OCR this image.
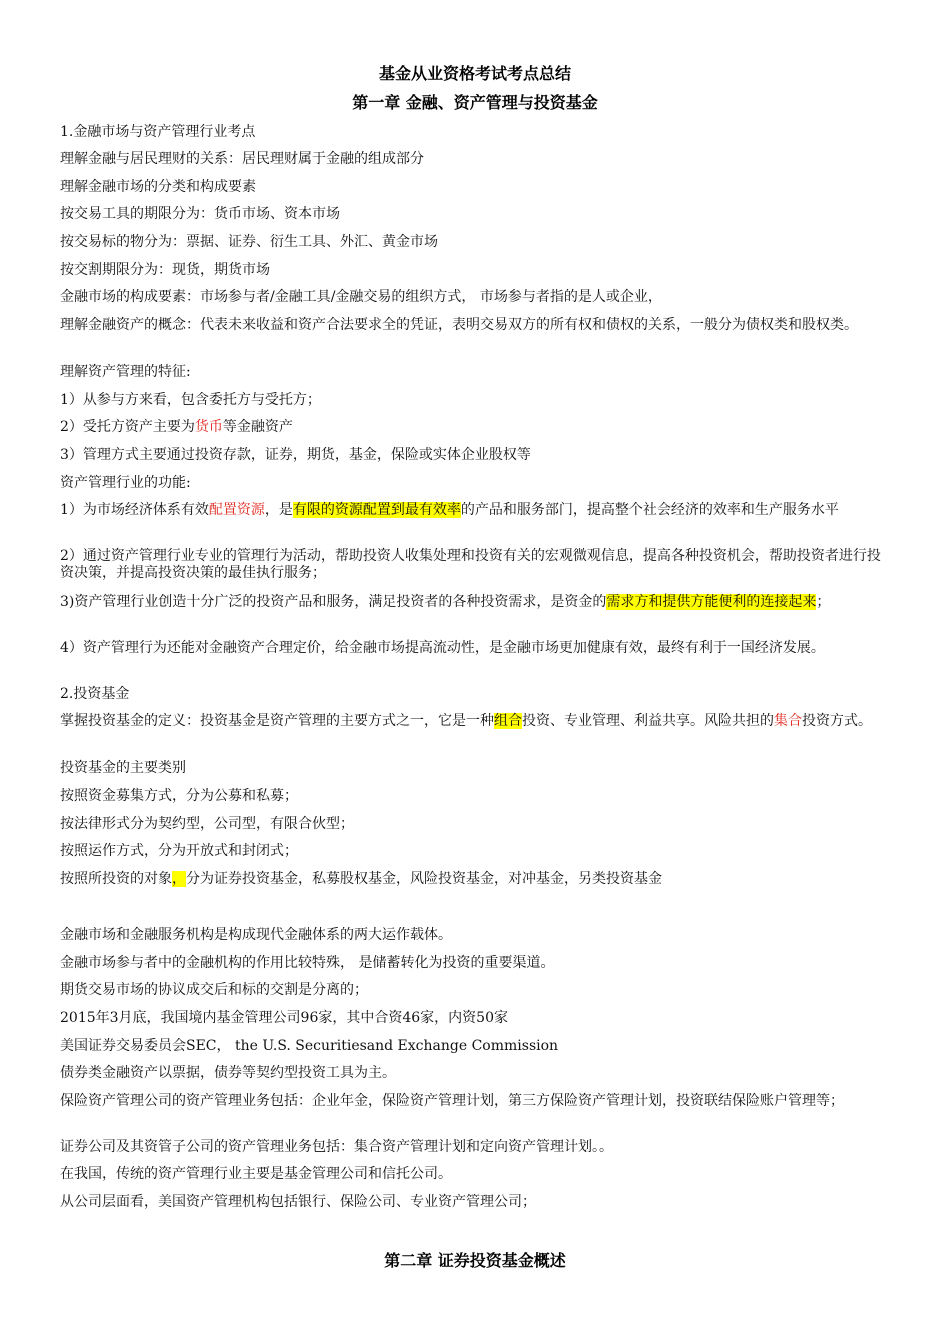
基金从业资格考试考点总结
第一章 金融、资产管理与投资基金

1.金融市场与资产管理行业考点

理解金融与居民理财的关系：居民理财属于金融的组成部分

理解金融市场的分类和构成要素

按交易工具的期限分为：货币市场、资本市场

按交易标的物分为：票据、证券、衍生工具、外汇、黄金市场

按交割期限分为：现货，期货市场

金融市场的构成要素：市场参与者/金融工具/金融交易的组织方式， 市场参与者指的是人或企业，

理解金融资产的概念：代表未来收益和资产合法要求全的凭证，表明交易双方的所有权和债权的关系，一般分为债权类和股权类。

理解资产管理的特征:

1）从参与方来看，包含委托方与受托方；

2）受托方资产主要为货币等金融资产

3）管理方式主要通过投资存款，证券，期货，基金，保险或实体企业股权等

资产管理行业的功能:

1）为市场经济体系有效配置资源，是有限的资源配置到最有效率的产品和服务部门，提高整个社会经济的效率和生产服务水平

2）通过资产管理行业专业的管理行为活动，帮助投资人收集处理和投资有关的宏观微观信息，提高各种投资机会，帮助投资者进行投资决策，并提高投资决策的最佳执行服务；

3)资产管理行业创造十分广泛的投资产品和服务，满足投资者的各种投资需求，是资金的需求方和提供方能便利的连接起来；

4）资产管理行为还能对金融资产合理定价，给金融市场提高流动性，是金融市场更加健康有效，最终有利于一国经济发展。

2.投资基金

掌握投资基金的定义：投资基金是资产管理的主要方式之一，它是一种组合投资、专业管理、利益共享。风险共担的集合投资方式。

投资基金的主要类别

按照资金募集方式，分为公募和私募；

按法律形式分为契约型，公司型，有限合伙型；

按照运作方式，分为开放式和封闭式；

按照所投资的对象，分为证券投资基金，私募股权基金，风险投资基金，对冲基金，另类投资基金

金融市场和金融服务机构是构成现代金融体系的两大运作载体。

金融市场参与者中的金融机构的作用比较特殊， 是储蓄转化为投资的重要渠道。

期货交易市场的协议成交后和标的交割是分离的；

2015年3月底，我国境内基金管理公司96家，其中合资46家，内资50家

美国证券交易委员会SEC， the U.S. Securitiesand Exchange Commission

债券类金融资产以票据，债券等契约型投资工具为主。

保险资产管理公司的资产管理业务包括：企业年金，保险资产管理计划，第三方保险资产管理计划，投资联结保险账户管理等；

证券公司及其资管子公司的资产管理业务包括：集合资产管理计划和定向资产管理计划。。

在我国，传统的资产管理行业主要是基金管理公司和信托公司。

从公司层面看，美国资产管理机构包括银行、保险公司、专业资产管理公司；

第二章 证券投资基金概述
